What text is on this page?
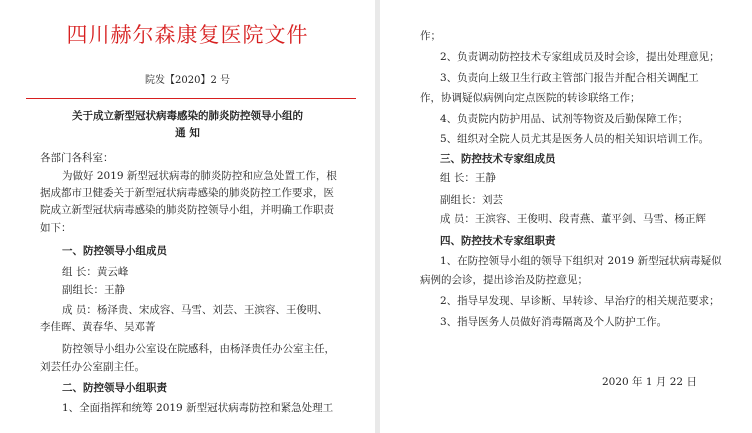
四川赫尔森康复医院文件
院发【2020】2 号
关于成立新型冠状病毒感染的肺炎防控领导小组的
通 知
各部门各科室：
为做好 2019 新型冠状病毒的肺炎防控和应急处置工作，根
据成都市卫健委关于新型冠状病毒感染的肺炎防控工作要求，医
院成立新型冠状病毒感染的肺炎防控领导小组，并明确工作职责
如下：
一、防控领导小组成员
组 长：黄云峰
副组长：王静
成 员：杨泽贵、宋成容、马雪、刘芸、王滨容、王俊明、
李佳晖、黄春华、吴邓菁
防控领导小组办公室设在院感科，由杨泽贵任办公室主任，
刘芸任办公室副主任。
二、防控领导小组职责
1、全面指挥和统筹 2019 新型冠状病毒防控和紧急处理工
作；
2、负责调动防控技术专家组成员及时会诊，提出处理意见；
3、负责向上级卫生行政主管部门报告并配合相关调配工
作，协调疑似病例向定点医院的转诊联络工作；
4、负责院内防护用品、试剂等物资及后勤保障工作；
5、组织对全院人员尤其是医务人员的相关知识培训工作。
三、防控技术专家组成员
组 长：王静
副组长：刘芸
成 员：王滨容、王俊明、段青燕、董平剑、马雪、杨正辉
四、防控技术专家组职责
1、在防控领导小组的领导下组织对 2019 新型冠状病毒疑似
病例的会诊，提出诊治及防控意见；
2、指导早发现、早诊断、早转诊、早治疗的相关规范要求；
3、指导医务人员做好消毒隔离及个人防护工作。
2020 年 1 月 22 日
